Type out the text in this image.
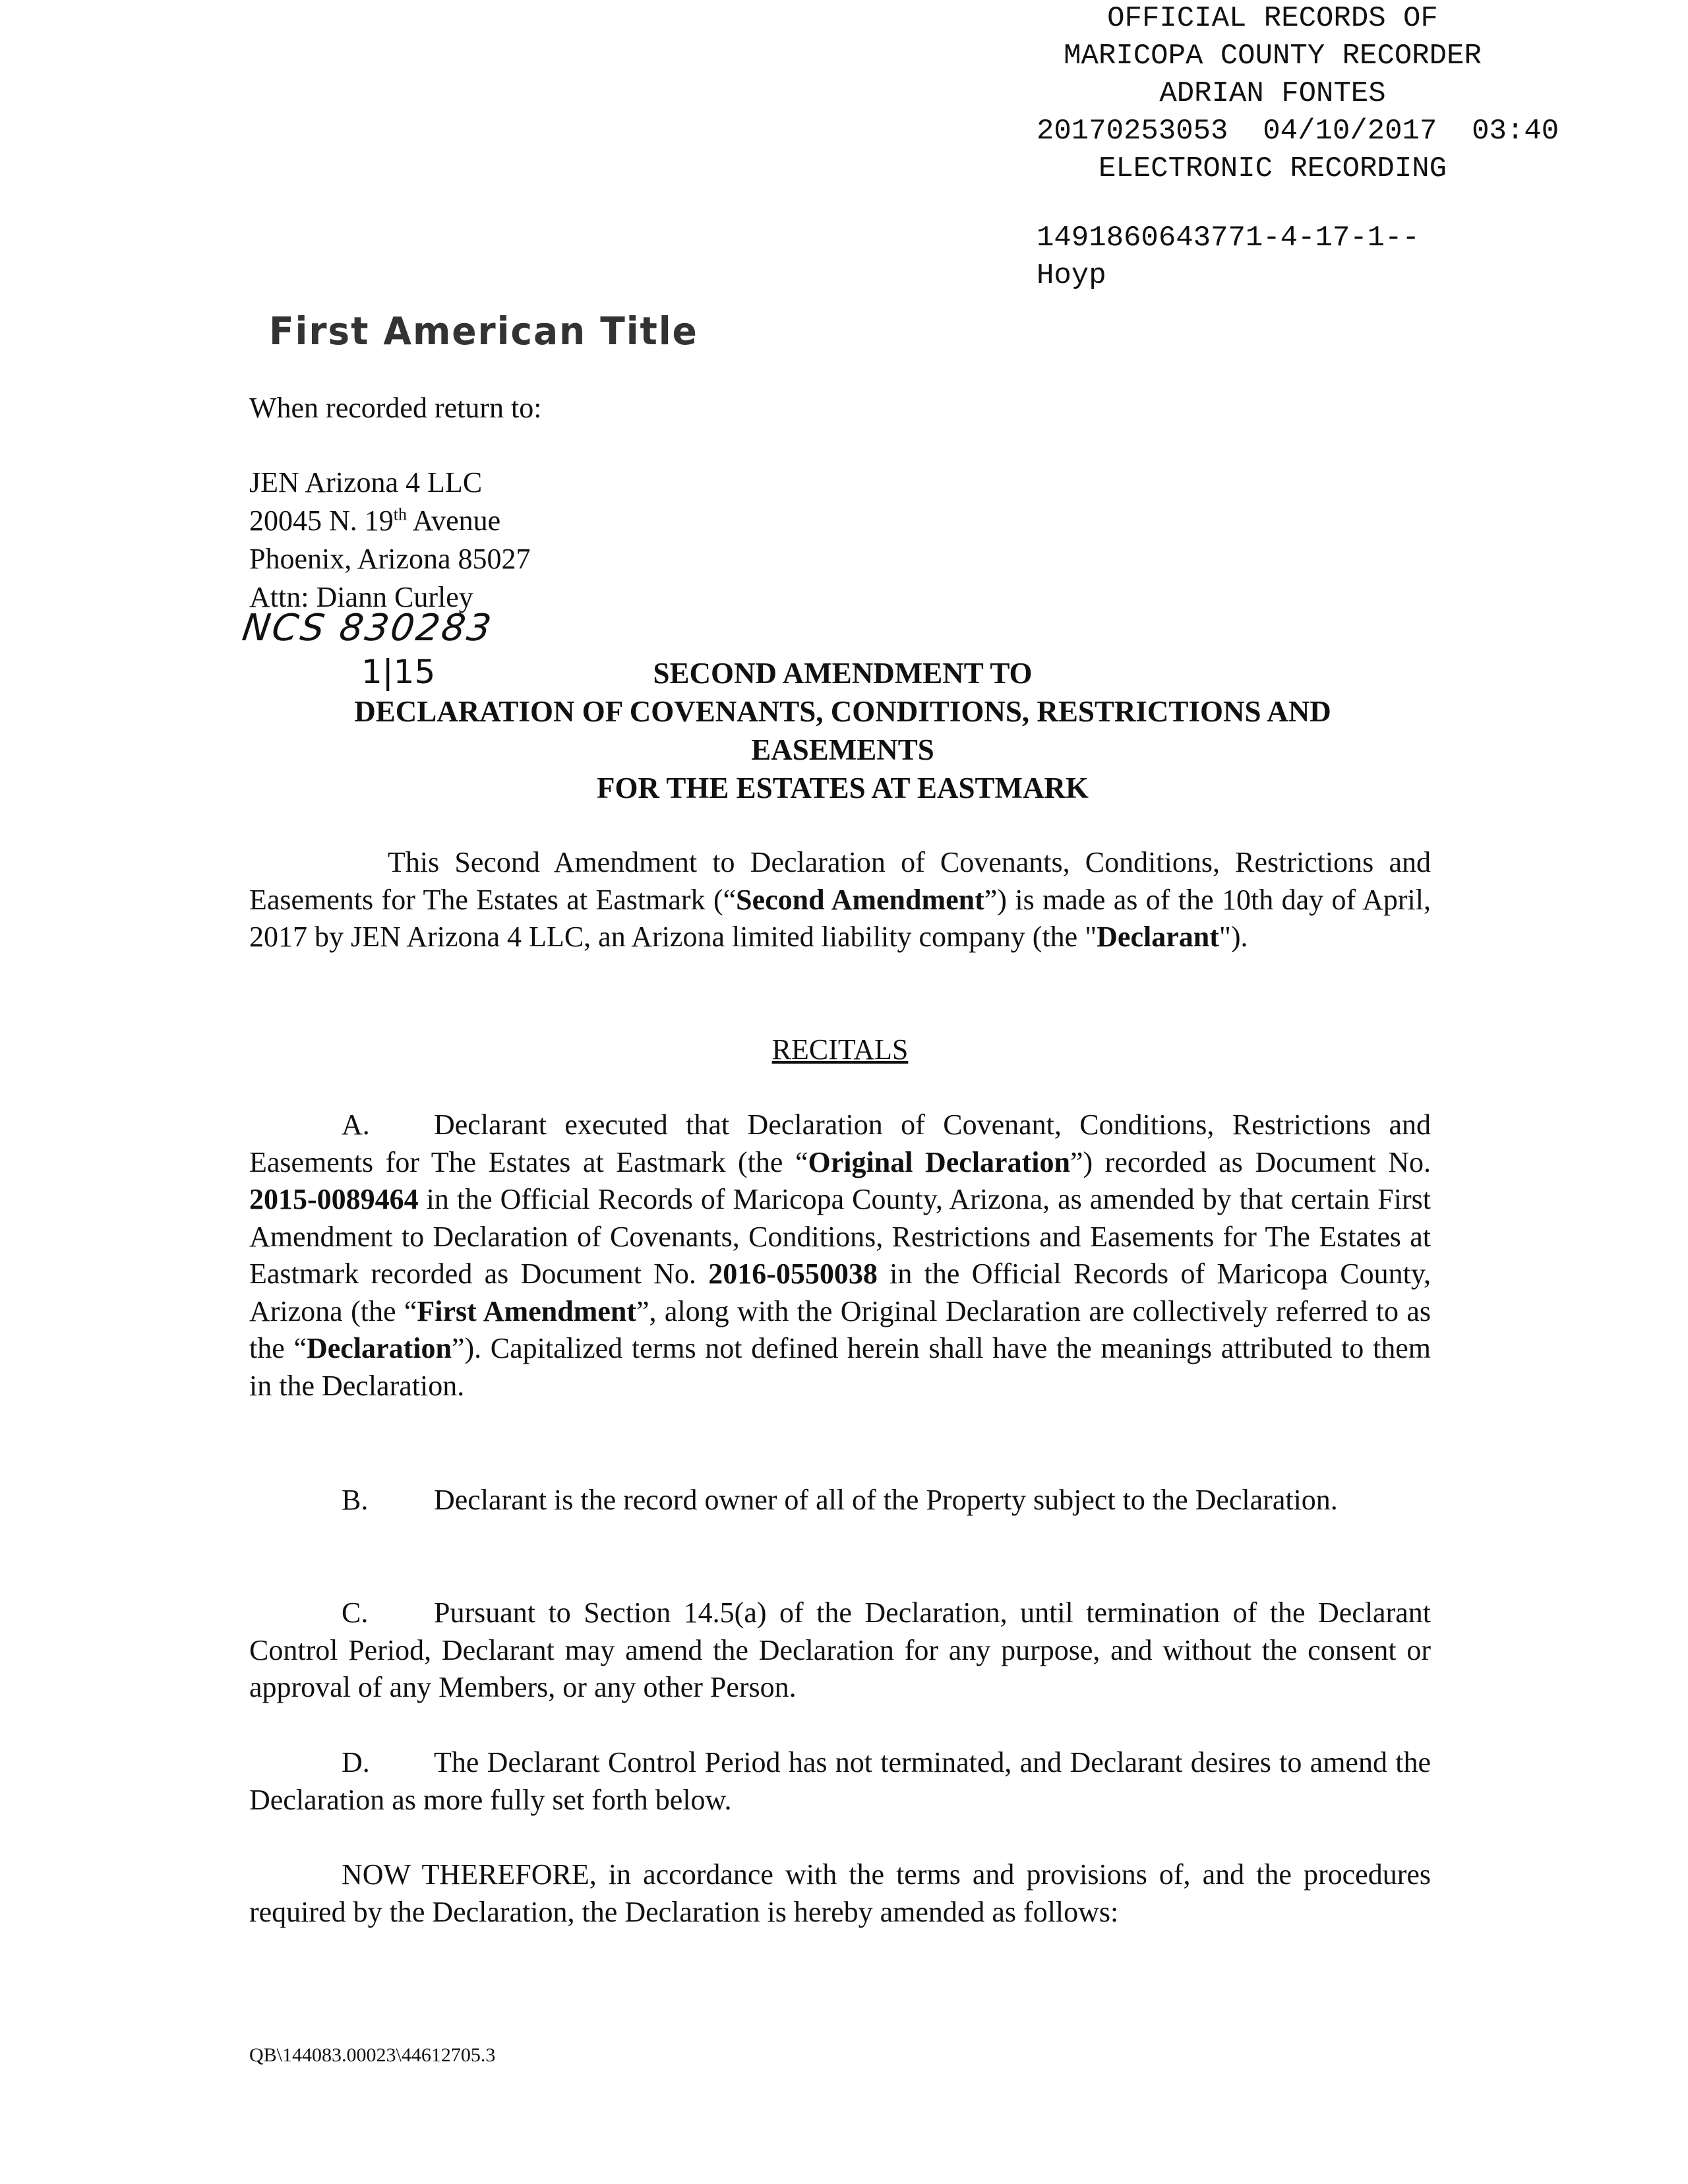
OFFICIAL RECORDS OF
MARICOPA COUNTY RECORDER
ADRIAN FONTES
20170253053  04/10/2017  03:40
ELECTRONIC RECORDING
1491860643771-4-17-1--
Hoyp
First American Title
When recorded return to:
JEN Arizona 4 LLC
20045 N. 19th Avenue
Phoenix, Arizona 85027
Attn: Diann Curley
NCS 830283
1|15	SECOND AMENDMENT TO
DECLARATION OF COVENANTS, CONDITIONS, RESTRICTIONS AND
EASEMENTS
FOR THE ESTATES AT EASTMARK
This Second Amendment to Declaration of Covenants, Conditions, Restrictions and Easements for The Estates at Eastmark (“Second Amendment”) is made as of the 10th day of April, 2017 by JEN Arizona 4 LLC, an Arizona limited liability company (the "Declarant").
RECITALS
A. Declarant executed that Declaration of Covenant, Conditions, Restrictions and Easements for The Estates at Eastmark (the “Original Declaration”) recorded as Document No. 2015-0089464 in the Official Records of Maricopa County, Arizona, as amended by that certain First Amendment to Declaration of Covenants, Conditions, Restrictions and Easements for The Estates at Eastmark recorded as Document No. 2016-0550038 in the Official Records of Maricopa County, Arizona (the “First Amendment”, along with the Original Declaration are collectively referred to as the “Declaration”). Capitalized terms not defined herein shall have the meanings attributed to them in the Declaration.
B. Declarant is the record owner of all of the Property subject to the Declaration.
C. Pursuant to Section 14.5(a) of the Declaration, until termination of the Declarant Control Period, Declarant may amend the Declaration for any purpose, and without the consent or approval of any Members, or any other Person.
D. The Declarant Control Period has not terminated, and Declarant desires to amend the Declaration as more fully set forth below.
NOW THEREFORE, in accordance with the terms and provisions of, and the procedures required by the Declaration, the Declaration is hereby amended as follows:
QB\144083.00023\44612705.3
